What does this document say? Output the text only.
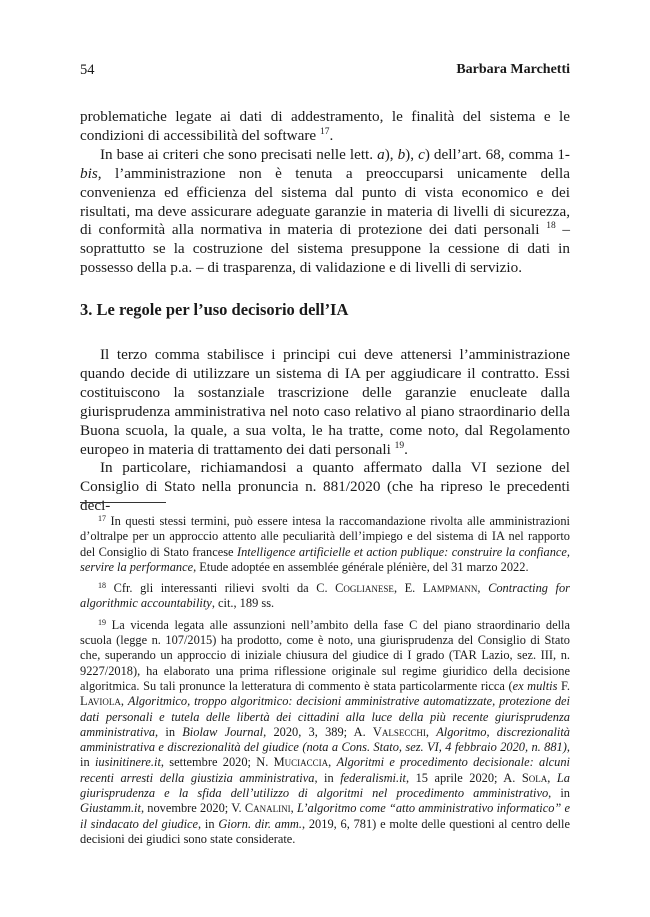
54	Barbara Marchetti

problematiche legate ai dati di addestramento, le finalità del sistema e le condizioni di accessibilità del software $^{17}$.

In base ai criteri che sono precisati nelle lett. a), b), c) dell’art. 68, comma 1-bis, l’amministrazione non è tenuta a preoccuparsi unicamente della convenienza ed efficienza del sistema dal punto di vista economico e dei risultati, ma deve assicurare adeguate garanzie in materia di livelli di sicurezza, di conformità alla normativa in materia di protezione dei dati personali $^{18}$ – soprattutto se la costruzione del sistema presuppone la cessione di dati in possesso della p.a. – di trasparenza, di validazione e di livelli di servizio.

3. Le regole per l’uso decisorio dell’IA

Il terzo comma stabilisce i principi cui deve attenersi l’amministrazione quando decide di utilizzare un sistema di IA per aggiudicare il contratto. Essi costituiscono la sostanziale trascrizione delle garanzie enucleate dalla giurisprudenza amministrativa nel noto caso relativo al piano straordinario della Buona scuola, la quale, a sua volta, le ha tratte, come noto, dal Regolamento europeo in materia di trattamento dei dati personali $^{19}$.

In particolare, richiamandosi a quanto affermato dalla VI sezione del Consiglio di Stato nella pronuncia n. 881/2020 (che ha ripreso le precedenti deci-

$^{17}$ In questi stessi termini, può essere intesa la raccomandazione rivolta alle amministrazioni d’oltralpe per un approccio attento alle peculiarità dell’impiego e del sistema di IA nel rapporto del Consiglio di Stato francese Intelligence artificielle et action publique: construire la confiance, servire la performance, Etude adoptée en assemblée générale plénière, del 31 marzo 2022.

$^{18}$ Cfr. gli interessanti rilievi svolti da C. Coglianese, E. Lampmann, Contracting for algorithmic accountability, cit., 189 ss.

$^{19}$ La vicenda legata alle assunzioni nell’ambito della fase C del piano straordinario della scuola (legge n. 107/2015) ha prodotto, come è noto, una giurisprudenza del Consiglio di Stato che, superando un approccio di iniziale chiusura del giudice di I grado (TAR Lazio, sez. III, n. 9227/2018), ha elaborato una prima riflessione originale sul regime giuridico della decisione algoritmica. Su tali pronunce la letteratura di commento è stata particolarmente ricca (ex multis F. Laviola, Algoritmico, troppo algoritmico: decisioni amministrative automatizzate, protezione dei dati personali e tutela delle libertà dei cittadini alla luce della più recente giurisprudenza amministrativa, in Biolaw Journal, 2020, 3, 389; A. Valsecchi, Algoritmo, discrezionalità amministrativa e discrezionalità del giudice (nota a Cons. Stato, sez. VI, 4 febbraio 2020, n. 881), in iusinitinere.it, settembre 2020; N. Muciaccia, Algoritmi e procedimento decisionale: alcuni recenti arresti della giustizia amministrativa, in federalismi.it, 15 aprile 2020; A. Sola, La giurisprudenza e la sfida dell’utilizzo di algoritmi nel procedimento amministrativo, in Giustamm.it, novembre 2020; V. Canalini, L’algoritmo come “atto amministrativo informatico” e il sindacato del giudice, in Giorn. dir. amm., 2019, 6, 781) e molte delle questioni al centro delle decisioni dei giudici sono state considerate.
